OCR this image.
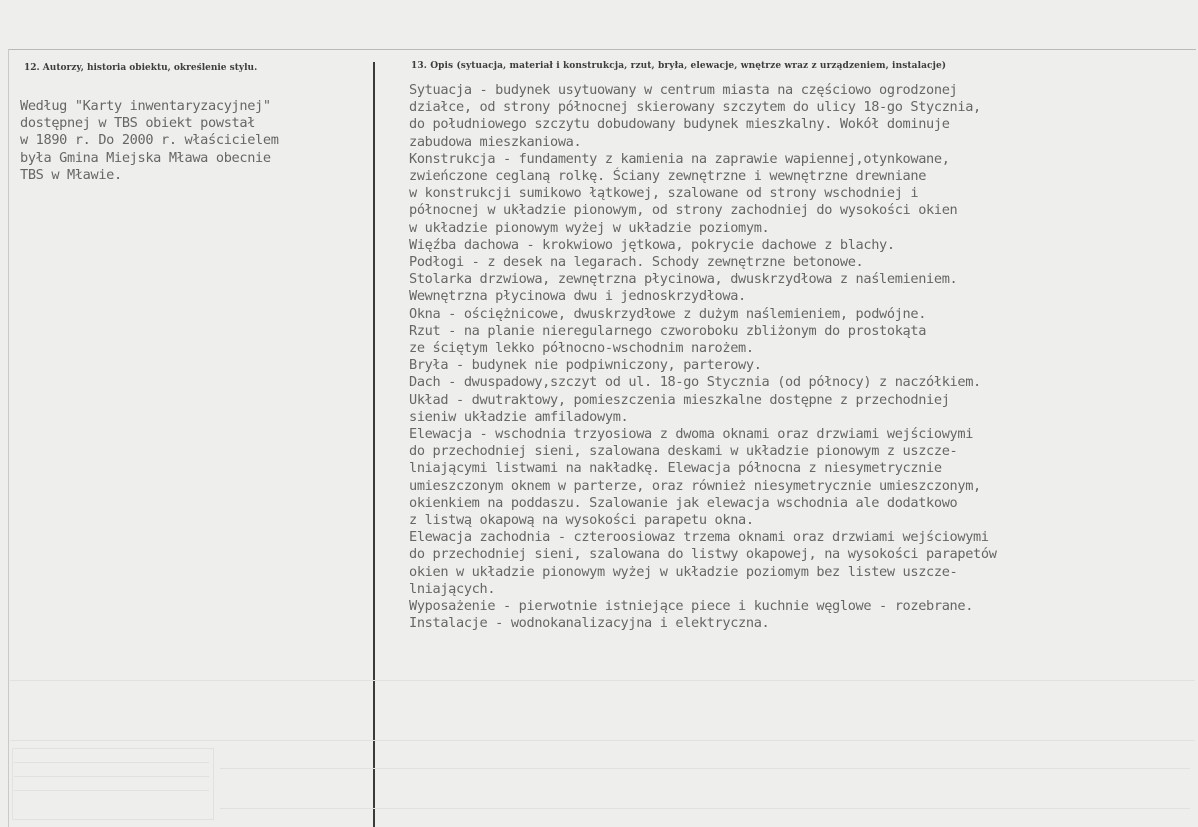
12. Autorzy, historia obiektu, określenie stylu.	13. Opis (sytuacja, materiał i konstrukcja, rzut, bryła, elewacje, wnętrze wraz z urządzeniem, instalacje)
Według "Karty inwentaryzacyjnej"
dostępnej w TBS obiekt powstał
w 1890 r. Do 2000 r. właścicielem
była Gmina Miejska Mława obecnie
TBS w Mławie.
Sytuacja - budynek usytuowany w centrum miasta na częściowo ogrodzonej
działce, od strony północnej skierowany szczytem do ulicy 18-go Stycznia,
do południowego szczytu dobudowany budynek mieszkalny. Wokół dominuje
zabudowa mieszkaniowa.
Konstrukcja - fundamenty z kamienia na zaprawie wapiennej,otynkowane,
zwieńczone ceglaną rolkę. Ściany zewnętrzne i wewnętrzne drewniane
w konstrukcji sumikowo łątkowej, szalowane od strony wschodniej i
północnej w układzie pionowym, od strony zachodniej do wysokości okien
w układzie pionowym wyżej w układzie poziomym.
Więźba dachowa - krokwiowo jętkowa, pokrycie dachowe z blachy.
Podłogi - z desek na legarach. Schody zewnętrzne betonowe.
Stolarka drzwiowa, zewnętrzna płycinowa, dwuskrzydłowa z naślemieniem.
Wewnętrzna płycinowa dwu i jednoskrzydłowa.
Okna - ościężnicowe, dwuskrzydłowe z dużym naślemieniem, podwójne.
Rzut - na planie nieregularnego czworoboku zbliżonym do prostokąta
ze ściętym lekko północno-wschodnim narożem.
Bryła - budynek nie podpiwniczony, parterowy.
Dach - dwuspadowy,szczyt od ul. 18-go Stycznia (od północy) z naczółkiem.
Układ - dwutraktowy, pomieszczenia mieszkalne dostępne z przechodniej
sieniw układzie amfiladowym.
Elewacja - wschodnia trzyosiowa z dwoma oknami oraz drzwiami wejściowymi
do przechodniej sieni, szalowana deskami w układzie pionowym z uszcze-
lniającymi listwami na nakładkę. Elewacja północna z niesymetrycznie
umieszczonym oknem w parterze, oraz również niesymetrycznie umieszczonym,
okienkiem na poddaszu. Szalowanie jak elewacja wschodnia ale dodatkowo
z listwą okapową na wysokości parapetu okna.
Elewacja zachodnia - czteroosiowaz trzema oknami oraz drzwiami wejściowymi
do przechodniej sieni, szalowana do listwy okapowej, na wysokości parapetów
okien w układzie pionowym wyżej w układzie poziomym bez listew uszcze-
lniających.
Wyposażenie - pierwotnie istniejące piece i kuchnie węglowe - rozebrane.
Instalacje - wodnokanalizacyjna i elektryczna.
